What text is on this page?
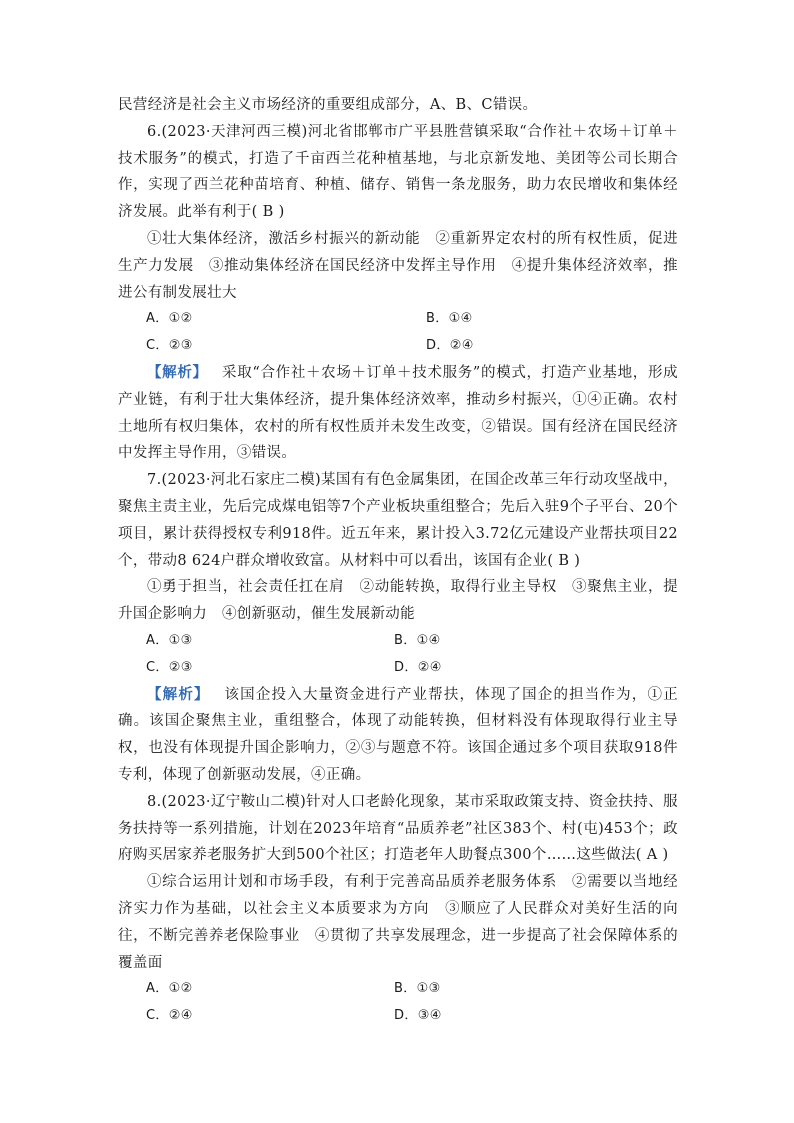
民营经济是社会主义市场经济的重要组成部分，A、B、C错误。

6.(2023·天津河西三模)河北省邯郸市广平县胜营镇采取“合作社＋农场＋订单＋技术服务”的模式，打造了千亩西兰花种植基地，与北京新发地、美团等公司长期合作，实现了西兰花种苗培育、种植、储存、销售一条龙服务，助力农民增收和集体经济发展。此举有利于( B )

①壮大集体经济，激活乡村振兴的新动能　②重新界定农村的所有权性质，促进生产力发展　③推动集体经济在国民经济中发挥主导作用　④提升集体经济效率，推进公有制发展壮大

A．①②	B．①④
C．②③	D．②④

【解析】 采取“合作社＋农场＋订单＋技术服务”的模式，打造产业基地，形成产业链，有利于壮大集体经济，提升集体经济效率，推动乡村振兴，①④正确。农村土地所有权归集体，农村的所有权性质并未发生改变，②错误。国有经济在国民经济中发挥主导作用，③错误。

7.(2023·河北石家庄二模)某国有有色金属集团，在国企改革三年行动攻坚战中，聚焦主责主业，先后完成煤电铝等7个产业板块重组整合；先后入驻9个子平台、20个项目，累计获得授权专利918件。近五年来，累计投入3.72亿元建设产业帮扶项目22个，带动8 624户群众增收致富。从材料中可以看出，该国有企业( B )

①勇于担当，社会责任扛在肩　②动能转换，取得行业主导权　③聚焦主业，提升国企影响力　④创新驱动，催生发展新动能

A．①③	B．①④
C．②③	D．②④

【解析】 该国企投入大量资金进行产业帮扶，体现了国企的担当作为，①正确。该国企聚焦主业，重组整合，体现了动能转换，但材料没有体现取得行业主导权，也没有体现提升国企影响力，②③与题意不符。该国企通过多个项目获取918件专利，体现了创新驱动发展，④正确。

8.(2023·辽宁鞍山二模)针对人口老龄化现象，某市采取政策支持、资金扶持、服务扶持等一系列措施，计划在2023年培育“品质养老”社区383个、村(屯)453个；政府购买居家养老服务扩大到500个社区；打造老年人助餐点300个……这些做法( A )

①综合运用计划和市场手段，有利于完善高品质养老服务体系　②需要以当地经济实力作为基础，以社会主义本质要求为方向　③顺应了人民群众对美好生活的向往，不断完善养老保险事业　④贯彻了共享发展理念，进一步提高了社会保障体系的覆盖面

A．①②	B．①③
C．②④	D．③④
